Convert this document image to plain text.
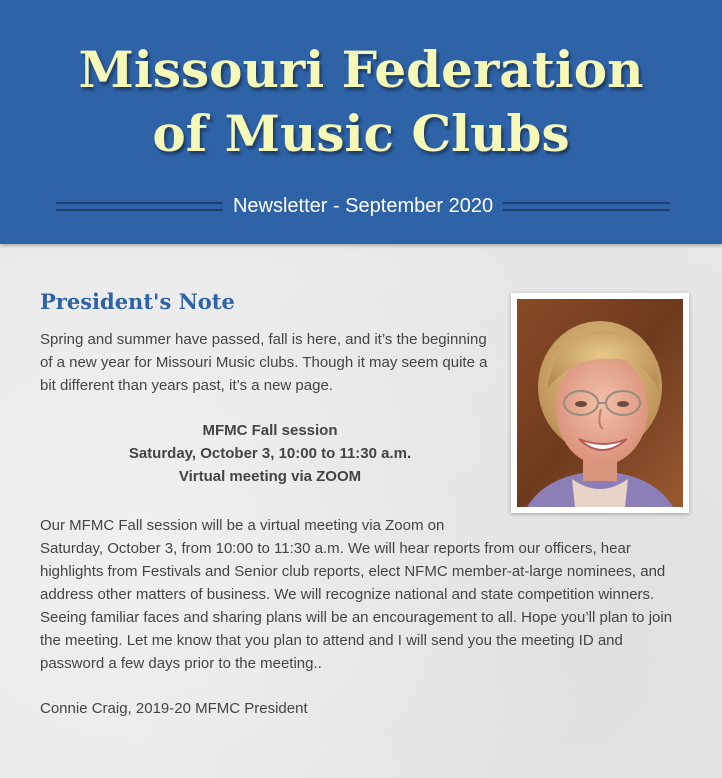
Missouri Federation
of Music Clubs
Newsletter - September 2020
President's Note

Spring and summer have passed, fall is here, and it’s the beginning of a new year for Missouri Music clubs. Though it may seem quite a bit different than years past, it’s a new page.

MFMC Fall session
Saturday, October 3, 10:00 to 11:30 a.m.
Virtual meeting via ZOOM

Our MFMC Fall session will be a virtual meeting via Zoom on
Saturday, October 3, from 10:00 to 11:30 a.m. We will hear reports from our officers, hear highlights from Festivals and Senior club reports, elect NFMC member-at-large nominees, and address other matters of business. We will recognize national and state competition winners. Seeing familiar faces and sharing plans will be an encouragement to all. Hope you’ll plan to join the meeting. Let me know that you plan to attend and I will send you the meeting ID and password a few days prior to the meeting..

Connie Craig, 2019-20 MFMC President
